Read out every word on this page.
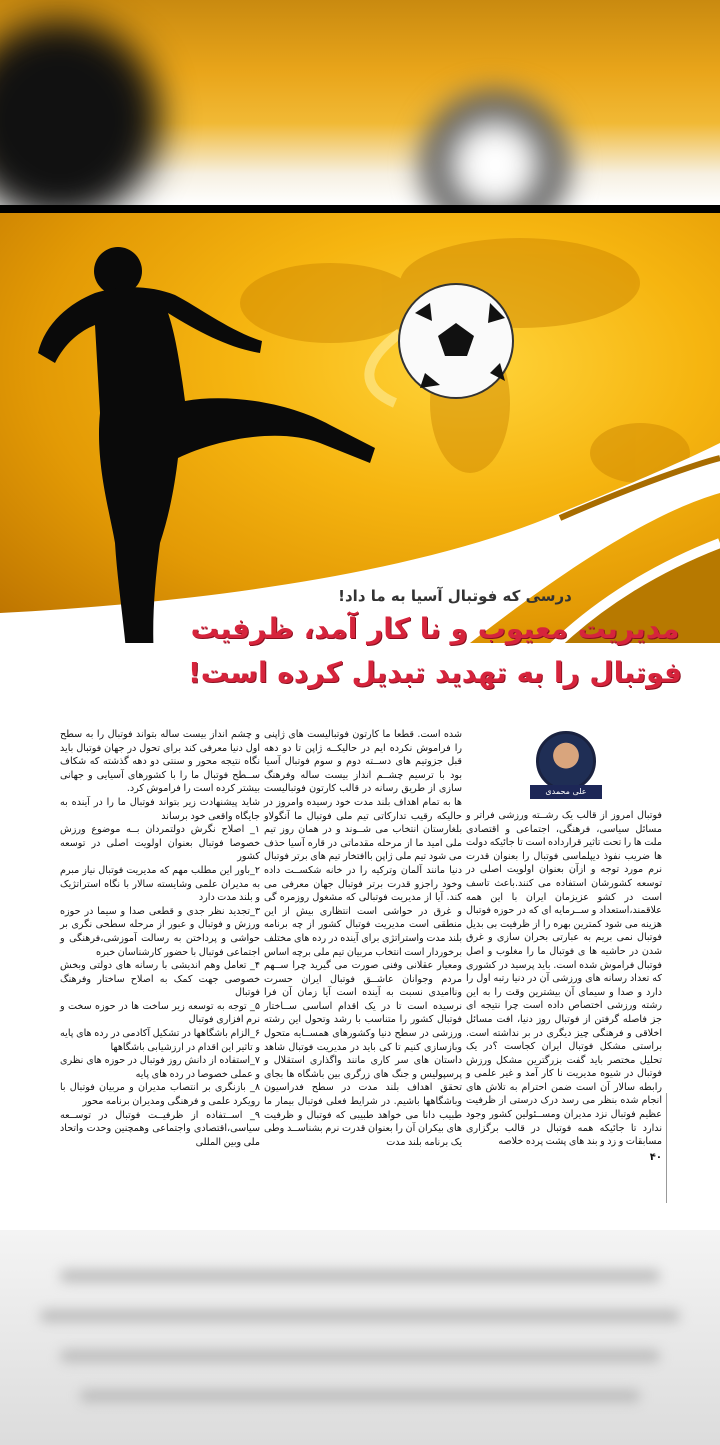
درسی که فوتبال آسیا به ما داد!
مدیریت معیوب و نا کار آمد، ظرفیت
فوتبال را به تهدید تبدیل کرده است!
علی محمدی

فوتبال امروز از قالب یک رشــته ورزشی فراتر و مسائل سیاسی، فرهنگی، اجتماعی و اقتصادی ملت ها را تحت تاثیر قرارداده است تا جائیکه دولت ها ضریب نفوذ دیپلماسی فوتبال را بعنوان قدرت نرم مورد توجه و ازآن بعنوان اولویت اصلی در توسعه کشورشان استفاده می کنند.باعث تاسف است در کشو عزیزمان ایران با این همه علاقمند،استعداد و ســرمایه ای که در حوزه فوتبال هزینه می شود کمترین بهره را از ظرفیت بی بدیل فوتبال نمی بریم به عبارتی بحران سازی و غرق شدن در حاشیه ها ی فوتبال ما را مغلوب و اصل فوتبال فراموش شده است. باید پرسید در کشوری که تعداد رسانه های ورزشی آن در دنیا رتبه اول را دارد و صدا و سیمای آن بیشترین وقت را به این رشته ورزشی اختصاص داده است چرا نتیجه ای جز فاصله گرفتن از فوتبال روز دنیا، افت مسائل اخلاقی و فرهنگی چیز دیگری در بر نداشته است. براستی مشکل فوتبال ایران کجاست ؟در یک تحلیل مختصر باید گفت بزرگترین مشکل ورزش فوتبال در شیوه مدیریت نا کار آمد و غیر علمی و رابطه سالار آن است ضمن احترام به تلاش های انجام شده بنظر می رسد درک درستی از ظرفیت عظیم فوتبال نزد مدیران ومســئولین کشور وجود ندارد تا جائیکه همه فوتبال در قالب برگزاری مسابقات و زد و بند های پشت پرده خلاصه

۴۰

شده است. قطعا ما کارتون فوتبالیست های ژاپنی را فراموش نکرده ایم در حالیکــه ژاپن تا دو دهه قبل جزوتیم های دســته دوم و سوم فوتبال آسیا بود با ترسیم چشــم انداز بیست ساله وفرهنگ سازی از طریق رسانه در قالب کارتون فوتبالیست ها به تمام اهداف بلند مدت خود رسیده وامروز در حالیکه رقیب تدارکاتی تیم ملی فوتبال ما آنگولاو بلغارستان انتخاب می شــوند و در همان روز تیم ملی امید ما از مرحله مقدماتی در قاره آسیا حذف می شود تیم ملی ژاپن باافتخار تیم های برتر فوتبال دنیا مانند آلمان وترکیه را در خانه شکســت داده وخود راجزو قدرت برتر فوتبال جهان معرفی می کند. آیا از مدیریت فوتبالی که مشغول روزمره گی و غرق در حواشی است انتظاری بیش از این منطقی است مدیریت فوتبال کشور از چه برنامه بلند مدت واستراتژی برای آینده در رده های مختلف برخوردار است انتخاب مربیان تیم ملی برچه اساس ومعیار عقلانی وفنی صورت می گیرید چرا ســهم مردم وجوانان عاشــق فوتبال ایران حسرت وناامیدی نسبت به آینده است آیا زمان آن فرا نرسیده است تا در یک اقدام اساسی ســاختار فوتبال کشور را متناسب با رشد وتحول این رشته ورزشی در سطح دنیا وکشورهای همســایه متحول وبازسازی کنیم تا کی باید در مدیریت فوتبال شاهد داستان های سر کاری مانند واگذاری استقلال و پرسپولیس و جنگ های زرگری بین باشگاه ها بجای تحقق اهداف بلند مدت در سطح فدراسیون وباشگاهها باشیم. در شرایط فعلی فوتبال بیمار ما طبیب دانا می خواهد طبیبی که فوتبال و ظرفیت های بیکران آن را بعنوان قدرت نرم بشناســد وطی یک برنامه بلند مدت

و چشم انداز بیست ساله بتواند فوتبال را به سطح اول دنیا معرفی کند برای تحول در جهان فوتبال باید نگاه نتیجه محور و سنتی دو دهه گذشته که شکاف ســطح فوتبال ما را با کشورهای آسیایی و جهانی بیشتر کرده است را فراموش کرد.

شاید پیشنهادت زیر بتواند فوتبال ما را در آینده به جایگاه واقعی خود برساند

۱_ اصلاح نگرش دولتمردان بــه موضوع ورزش خصوصا فوتبال بعنوان اولویت اصلی در توسعه کشور

۲_باور این مطلب مهم که مدیریت فوتبال نیاز مبرم به مدیران علمی وشایسته سالار با نگاه استراتژیک و بلند مدت دارد

۳_تجدید نظر جدی و قطعی صدا و سیما در حوزه ورزش و فوتبال و عبور از مرحله سطحی نگری بر حواشی و پرداختن به رسالت آموزشی،فرهنگی و اجتماعی فوتبال با حضور کارشناسان خبره

۴_ تعامل وهم اندیشی با رسانه های دولتی وبخش خصوصی جهت کمک به اصلاح ساختار وفرهنگ فوتبال

۵_ توجه به توسعه زیر ساخت ها در حوزه سخت و نرم افزاری فوتبال

۶_الزام باشگاهها در تشکیل آکادمی در رده های پایه و تاثیر این اقدام در ارزشیابی باشگاهها

۷_استفاده از دانش روز فوتبال در حوزه های نظری و عملی خصوصا در رده های پایه

۸_ بازنگری بر انتصاب مدیران و مربیان فوتبال با رویکرد علمی و فرهنگی ومدیران برنامه محور

۹_ اســتفاده از ظرفیــت فوتبال در توســعه سیاسی،اقتصادی واجتماعی وهمچنین وحدت واتحاد ملی وبین المللی
